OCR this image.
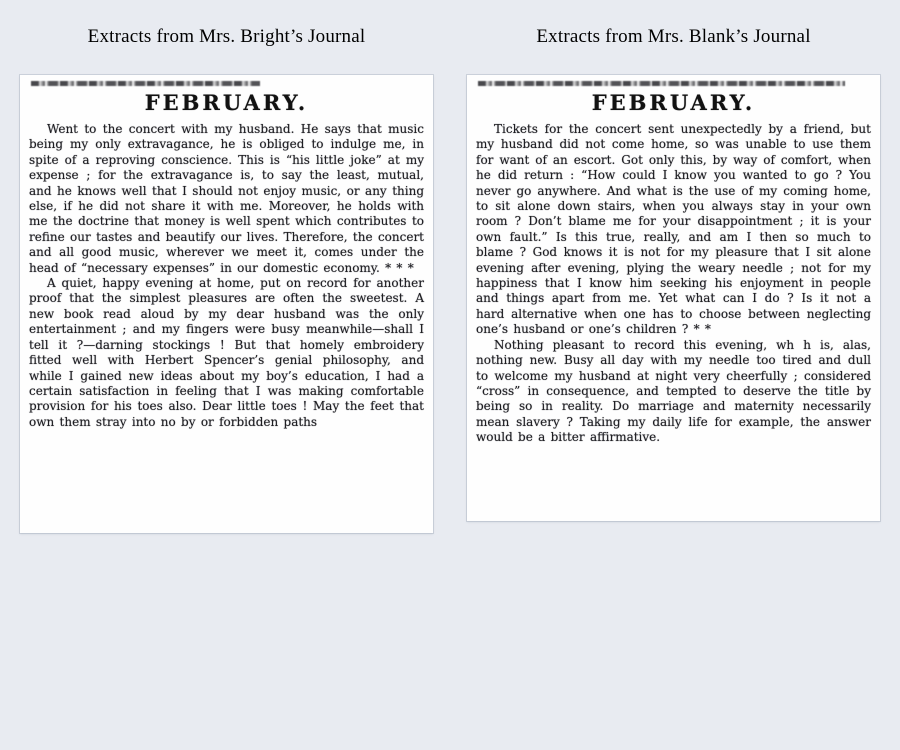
Extracts from Mrs. Bright’s Journal	Extracts from Mrs. Blank’s Journal
FEBRUARY.

Went to the concert with my husband. He says that music being my only extravagance, he is obliged to indulge me, in spite of a reproving conscience. This is “his little joke” at my expense ; for the extravagance is, to say the least, mutual, and he knows well that I should not enjoy music, or any thing else, if he did not share it with me. Moreover, he holds with me the doctrine that money is well spent which contributes to refine our tastes and beautify our lives. Therefore, the concert and all good music, wherever we meet it, comes under the head of “necessary expenses” in our domestic economy. * * *

A quiet, happy evening at home, put on record for another proof that the simplest pleasures are often the sweetest. A new book read aloud by my dear husband was the only entertainment ; and my fingers were busy meanwhile—shall I tell it ?—darning stockings ! But that homely embroidery fitted well with Herbert Spencer’s genial philosophy, and while I gained new ideas about my boy’s education, I had a certain satisfaction in feeling that I was making comfortable provision for his toes also. Dear little toes ! May the feet that own them stray into no by or forbidden paths

FEBRUARY.

Tickets for the concert sent unexpectedly by a friend, but my husband did not come home, so was unable to use them for want of an escort. Got only this, by way of comfort, when he did return : “How could I know you wanted to go ? You never go anywhere. And what is the use of my coming home, to sit alone down stairs, when you always stay in your own room ? Don’t blame me for your disappointment ; it is your own fault.” Is this true, really, and am I then so much to blame ? God knows it is not for my pleasure that I sit alone evening after evening, plying the weary needle ; not for my happiness that I know him seeking his enjoyment in people and things apart from me. Yet what can I do ? Is it not a hard alternative when one has to choose between neglecting one’s husband or one’s children ? * *

Nothing pleasant to record this evening, wh h is, alas, nothing new. Busy all day with my needle too tired and dull to welcome my husband at night very cheerfully ; considered “cross” in consequence, and tempted to deserve the title by being so in reality. Do marriage and maternity necessarily mean slavery ? Taking my daily life for example, the answer would be a bitter affirmative.
